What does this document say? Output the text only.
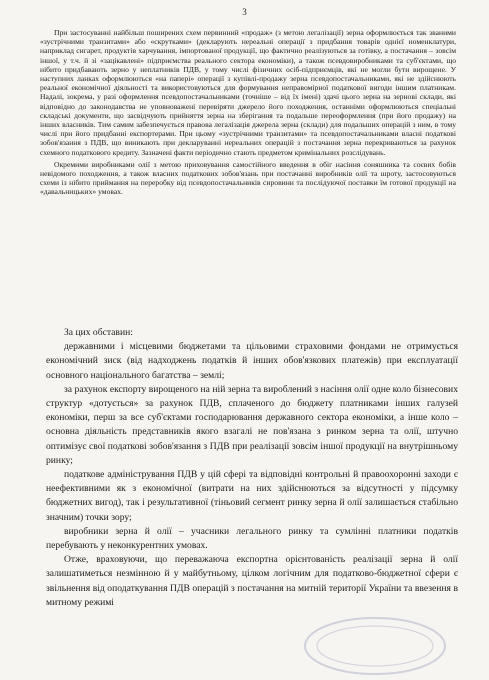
3

При застосуванні найбільш поширених схем первинний «продаж» (з метою легалізації) зерна оформлюється так званими «зустрічними транзитами» або «скрутками» (декларують нереальні операції з придбання товарів однієї номенклатури, наприклад сигарет, продуктів харчування, імпортованої продукції, що фактично реалізуються за готівку, а постачання – зовсім іншої, у т.ч. й зі «зацікавлені» підприємства реального сектора економіки), а також псевдовиробниками та суб'єктами, що нібито придбавають зерно у неплатників ПДВ, у тому числі фізичних осіб-підприємців, які не могли бути вирощене. У наступних ланках оформлюються «на папері» операції з купівлі-продажу зерна псевдопостачальниками, які не здійснюють реальної економічної діяльності та використовуються для формування неправомірної податкової вигоди іншим платникам. Надалі, зокрема, у разі оформлення псевдопостачальниками (точніше – від їх імені) здачі цього зерна на зернові склади, які відповідно до законодавства не уповноважені перевіряти джерело його походження, останніми оформлюються спеціальні складські документи, що засвідчують прийняття зерна на зберігання та подальше переоформлення (при його продажу) на інших власників. Тим самим забезпечується правова легалізація джерела зерна (склади) для подальших операцій з ним, в тому числі при його придбанні експортерами. При цьому «зустрічними транзитами» та псевдопостачальниками власні податкові зобов'язання з ПДВ, що виникають при декларуванні нереальних операцій з постачання зерна перекриваються за рахунок схемного податкового кредиту. Зазначені факти періодично стають предметом кримінальних розслідувань.

Окремими виробниками олії з метою приховування самостійного введення в обіг насіння соняшника та соєвих бобів невідомого походження, а також власних податкових зобов'язань при постачанні виробників олії та шроту, застосовуються схеми із нібито приймання на переробку від псевдопостачальників сировини та послідуючої поставки їм готової продукції на «давальницьких» умовах.

За цих обставин:

державними і місцевими бюджетами та цільовими страховими фондами не отримується економічний зиск (від надходжень податків й інших обов'язкових платежів) при експлуатації основного національного багатства – землі;

за рахунок експорту вирощеного на ній зерна та вироблений з насіння олії одне коло бізнесових структур «дотується» за рахунок ПДВ, сплаченого до бюджету платниками інших галузей економіки, перш за все суб'єктами господарювання державного сектора економіки, а інше коло – основна діяльність представників якого взагалі не пов'язана з ринком зерна та олії, штучно оптимізує свої податкові зобов'язання з ПДВ при реалізації зовсім іншої продукції на внутрішньому ринку;

податкове адміністрування ПДВ у цій сфері та відповідні контрольні й правоохоронні заходи є неефективними як з економічної (витрати на них здійснюються за відсутності у підсумку бюджетних вигод), так і результативної (тіньовий сегмент ринку зерна й олії залишається стабільно значним) точки зору;

виробники зерна й олії – учасники легального ринку та сумлінні платники податків перебувають у неконкурентних умовах.

Отже, враховуючи, що переважаюча експортна орієнтованість реалізації зерна й олії залишатиметься незмінною й у майбутньому, цілком логічним для податково-бюджетної сфери є звільнення від оподаткування ПДВ операцій з постачання на митній території України та ввезення в митному режимі
